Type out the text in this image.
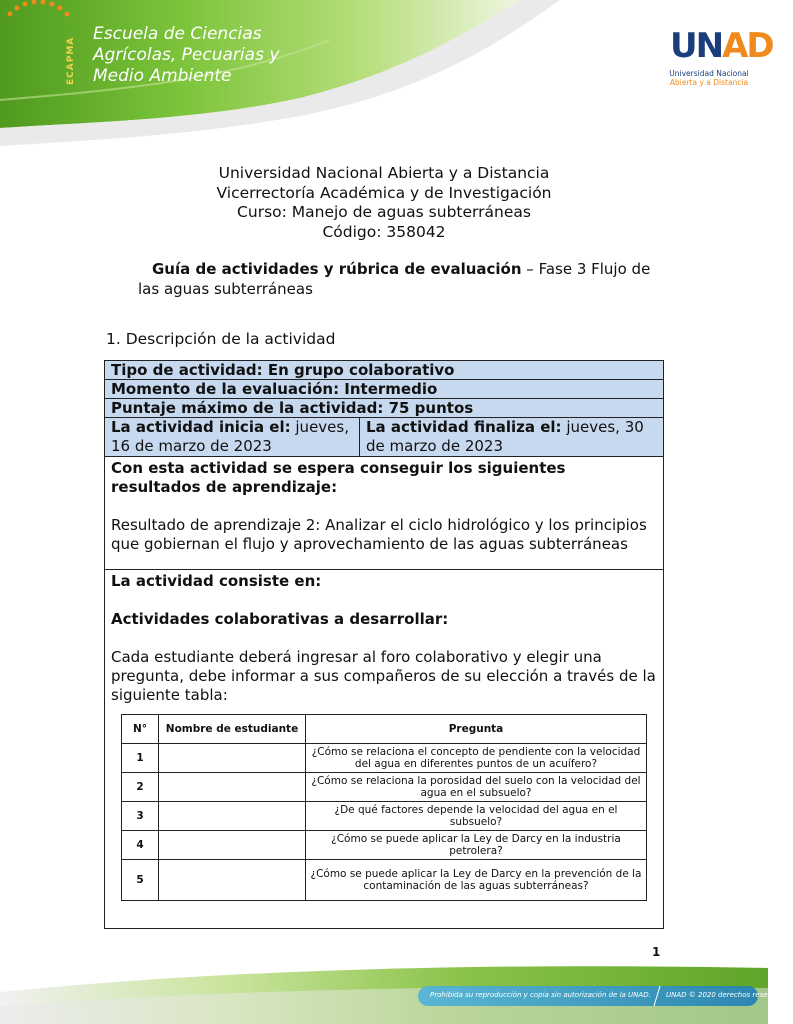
ECAPMA
Escuela de Ciencias
Agrícolas, Pecuarias y
Medio Ambiente
UNAD
Universidad Nacional
Abierta y a Distancia
Universidad Nacional Abierta y a Distancia
Vicerrectoría Académica y de Investigación
Curso: Manejo de aguas subterráneas
Código: 358042
Guía de actividades y rúbrica de evaluación – Fase 3 Flujo de
las aguas subterráneas
1. Descripción de la actividad
Tipo de actividad: En grupo colaborativo
Momento de la evaluación: Intermedio
Puntaje máximo de la actividad: 75 puntos
La actividad inicia el: jueves, 16 de marzo de 2023	La actividad finaliza el: jueves, 30 de marzo de 2023

Con esta actividad se espera conseguir los siguientes resultados de aprendizaje:
Resultado de aprendizaje 2: Analizar el ciclo hidrológico y los principios que gobiernan el flujo y aprovechamiento de las aguas subterráneas

La actividad consiste en:
Actividades colaborativas a desarrollar:
Cada estudiante deberá ingresar al foro colaborativo y elegir una pregunta, debe informar a sus compañeros de su elección a través de la siguiente tabla:
N°	Nombre de estudiante	Pregunta
1		¿Cómo se relaciona el concepto de pendiente con la velocidad del agua en diferentes puntos de un acuífero?
2		¿Cómo se relaciona la porosidad del suelo con la velocidad del agua en el subsuelo?
3		¿De qué factores depende la velocidad del agua en el subsuelo?
4		¿Cómo se puede aplicar la Ley de Darcy en la industria petrolera?
5		¿Cómo se puede aplicar la Ley de Darcy en la prevención de la contaminación de las aguas subterráneas?
1
Prohibida su reproducción y copia sin autorización de la UNAD. UNAD © 2020 derechos reservados.
